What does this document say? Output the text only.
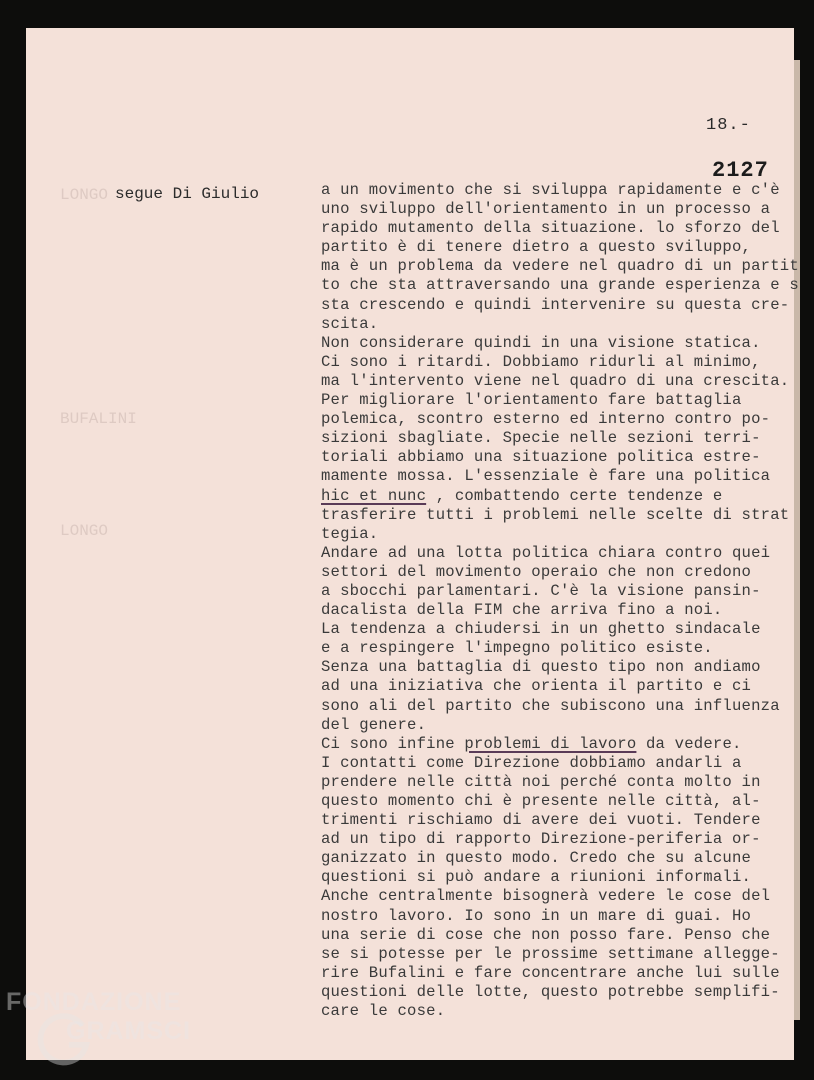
LONGO
BUFALINI
LONGO
18.-
2127
segue Di Giulio	a un movimento che si sviluppa rapidamente e c'è
uno sviluppo dell'orientamento in un processo a
rapido mutamento della situazione. lo sforzo del
partito è di tenere dietro a questo sviluppo,
ma è un problema da vedere nel quadro di un partit
to che sta attraversando una grande esperienza e s
sta crescendo e quindi intervenire su questa cre-
scita.
Non considerare quindi in una visione statica.
Ci sono i ritardi. Dobbiamo ridurli al minimo,
ma l'intervento viene nel quadro di una crescita.
Per migliorare l'orientamento fare battaglia
polemica, scontro esterno ed interno contro po-
sizioni sbagliate. Specie nelle sezioni terri-
toriali abbiamo una situazione politica estre-
mamente mossa. L'essenziale è fare una politica
hic et nunc , combattendo certe tendenze e
trasferire tutti i problemi nelle scelte di strat
tegia.
Andare ad una lotta politica chiara contro quei
settori del movimento operaio che non credono
a sbocchi parlamentari. C'è la visione pansin-
dacalista della FIM che arriva fino a noi.
La tendenza a chiudersi in un ghetto sindacale
e a respingere l'impegno politico esiste.
Senza una battaglia di questo tipo non andiamo
ad una iniziativa che orienta il partito e ci
sono ali del partito che subiscono una influenza
del genere.
Ci sono infine problemi di lavoro da vedere.
I contatti come Direzione dobbiamo andarli a
prendere nelle città noi perché conta molto in
questo momento chi è presente nelle città, al-
trimenti rischiamo di avere dei vuoti. Tendere
ad un tipo di rapporto Direzione-periferia or-
ganizzato in questo modo. Credo che su alcune
questioni si può andare a riunioni informali.
Anche centralmente bisognerà vedere le cose del
nostro lavoro. Io sono in un mare di guai. Ho
una serie di cose che non posso fare. Penso che
se si potesse per le prossime settimane allegge-
rire Bufalini e fare concentrare anche lui sulle
questioni delle lotte, questo potrebbe semplifi-
care le cose.
FONDAZIONE
GRAMSCI
